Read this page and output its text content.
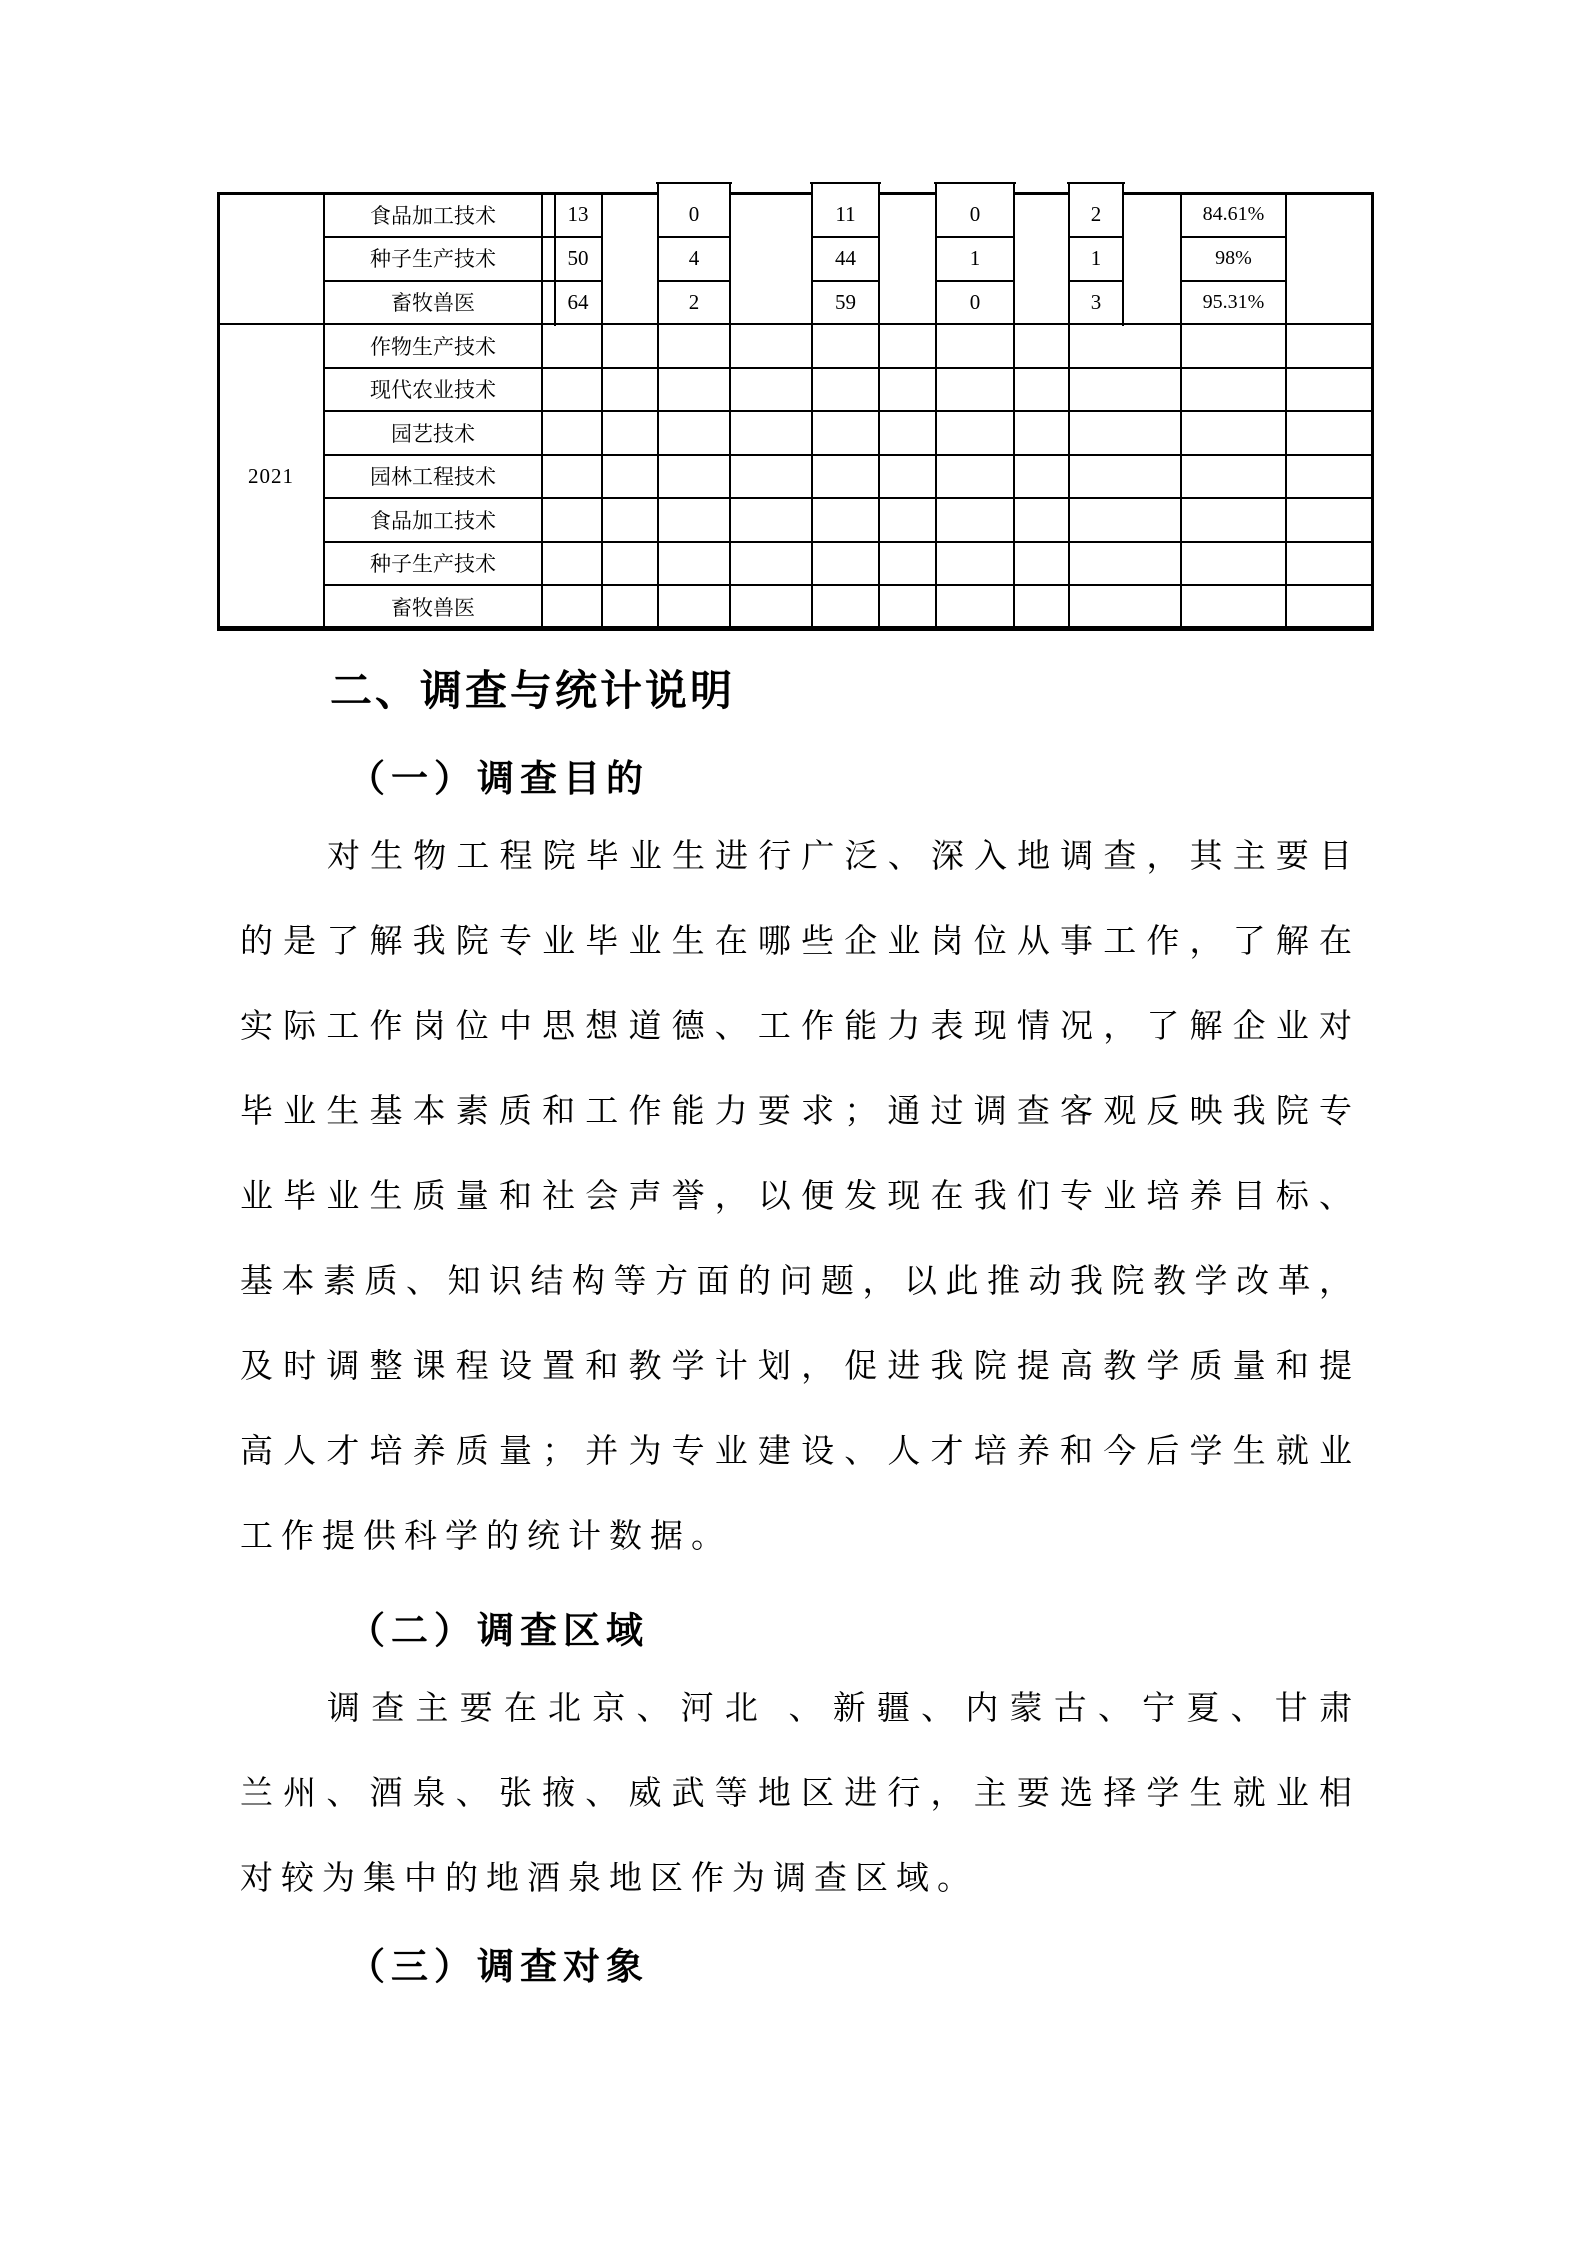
食品加工技术
种子生产技术
畜牧兽医
13
50
64
0
4
2
11
44
59
0
1
0
2
1
3
84.61%
98%
95.31%
2021
作物生产技术
现代农业技术
园艺技术
园林工程技术
食品加工技术
种子生产技术
畜牧兽医
二、调查与统计说明
（一）调查目的
对生物工程院毕业生进行广泛、深入地调查，其主要目
的是了解我院专业毕业生在哪些企业岗位从事工作，了解在
实际工作岗位中思想道德、工作能力表现情况，了解企业对
毕业生基本素质和工作能力要求；通过调查客观反映我院专
业毕业生质量和社会声誉，以便发现在我们专业培养目标、
基本素质、知识结构等方面的问题，以此推动我院教学改革，
及时调整课程设置和教学计划，促进我院提高教学质量和提
高人才培养质量；并为专业建设、人才培养和今后学生就业
工作提供科学的统计数据。
（二）调查区域
调查主要在北京、河北 、新疆、内蒙古、宁夏、甘肃
兰州、酒泉、张掖、威武等地区进行，主要选择学生就业相
对较为集中的地酒泉地区作为调查区域。
（三）调查对象
